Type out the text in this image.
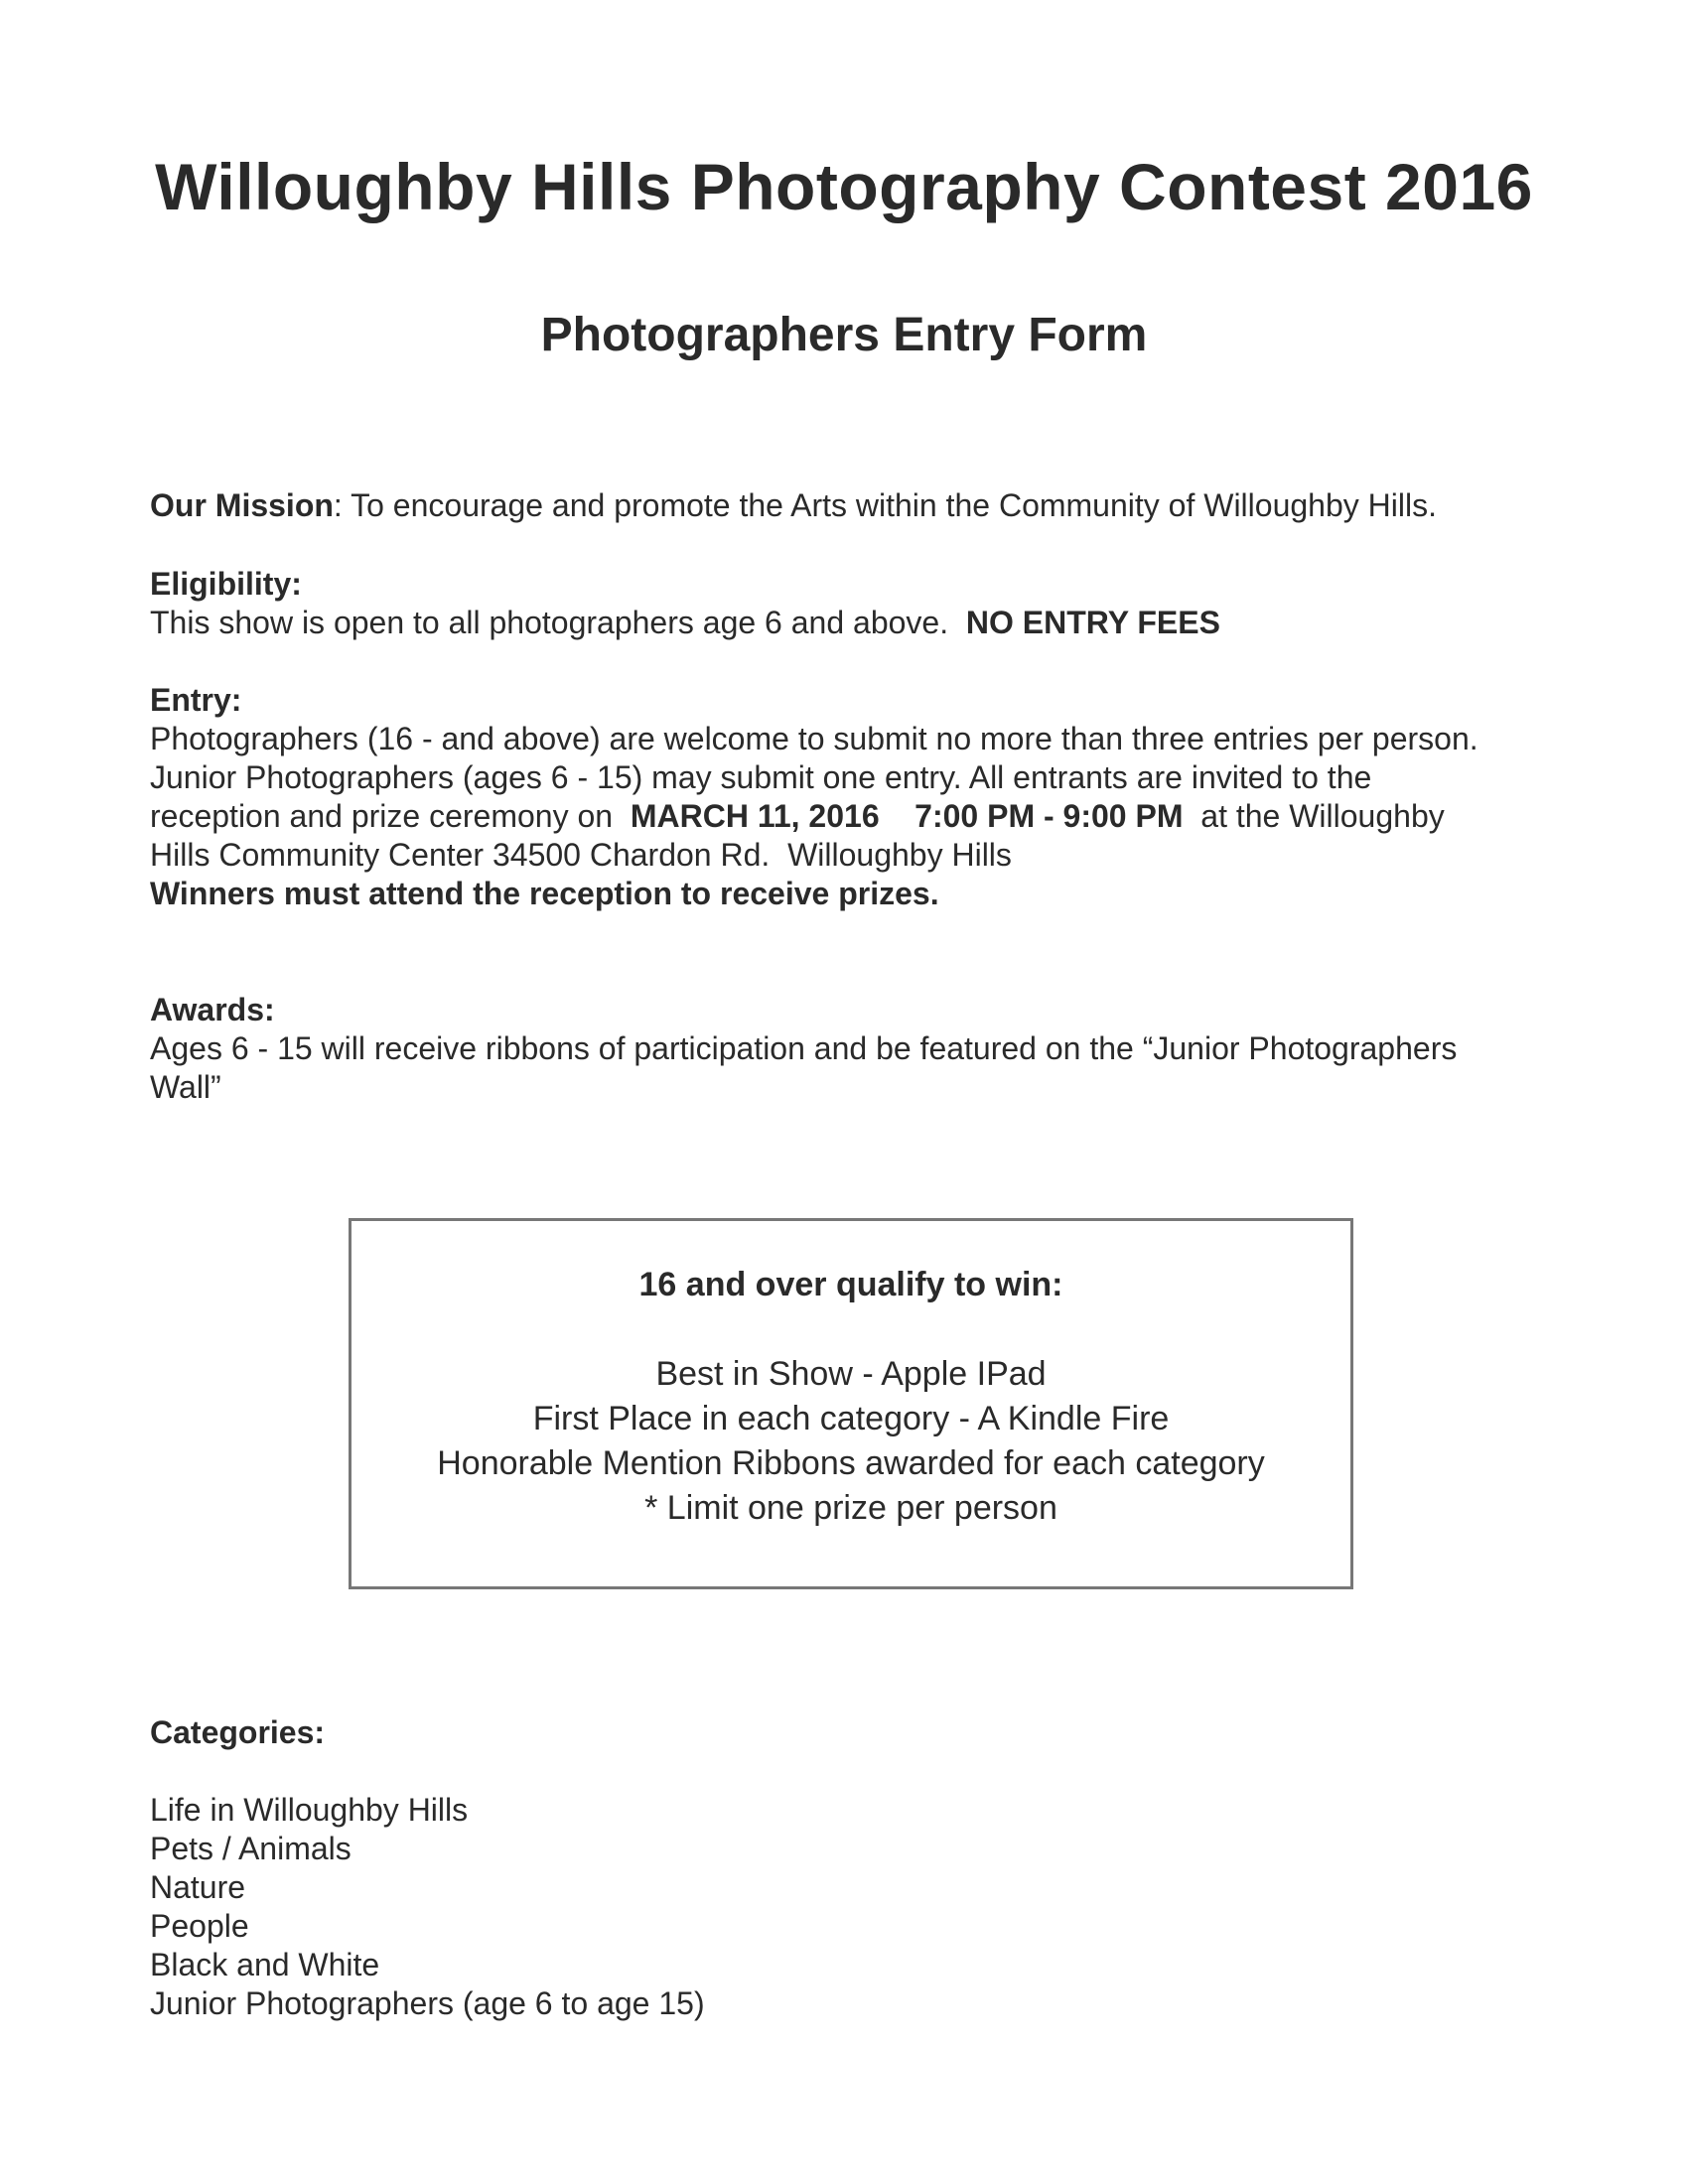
Willoughby Hills Photography Contest 2016
Photographers Entry Form
Our Mission: To encourage and promote the Arts within the Community of Willoughby Hills.
Eligibility:
This show is open to all photographers age 6 and above.  NO ENTRY FEES
Entry:
Photographers (16 - and above) are welcome to submit no more than three entries per person.
Junior Photographers (ages 6 - 15) may submit one entry. All entrants are invited to the
reception and prize ceremony on  MARCH 11, 2016    7:00 PM - 9:00 PM  at the Willoughby
Hills Community Center 34500 Chardon Rd.  Willoughby Hills
Winners must attend the reception to receive prizes.
Awards:
Ages 6 - 15 will receive ribbons of participation and be featured on the “Junior Photographers
Wall”
16 and over qualify to win:
Best in Show - Apple IPad
First Place in each category - A Kindle Fire
Honorable Mention Ribbons awarded for each category
* Limit one prize per person
Categories:
Life in Willoughby Hills
Pets / Animals
Nature
People
Black and White
Junior Photographers (age 6 to age 15)
